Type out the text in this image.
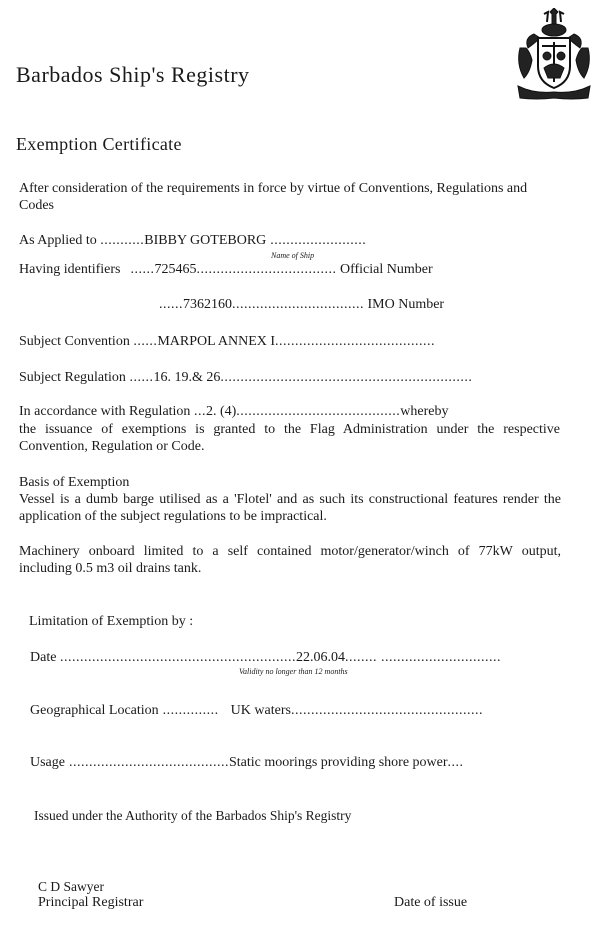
Barbados Ship's Registry
Exemption Certificate
After consideration of the requirements in force by virtue of Conventions, Regulations and Codes
As Applied to ...........BIBBY GOTEBORG ........................
Name of Ship
Having identifiers ......725465................................... Official Number
......7362160................................. IMO Number
Subject Convention ......MARPOL ANNEX I........................................
Subject Regulation ......16. 19.& 26...............................................................
In accordance with Regulation ...2. (4).........................................whereby
the issuance of exemptions is granted to the Flag Administration under the respective Convention, Regulation or Code.
Basis of Exemption
Vessel is a dumb barge utilised as a 'Flotel' and as such its constructional features render the application of the subject regulations to be impractical.
Machinery onboard limited to a self contained motor/generator/winch of 77kW output, including 0.5 m3 oil drains tank.
Limitation of Exemption by :
Date ...........................................................22.06.04........ ..............................
Validity no longer than 12 months
Geographical Location .............. UK waters................................................
Usage ........................................Static moorings providing shore power....
Issued under the Authority of the Barbados Ship's Registry
C D Sawyer
Principal Registrar	Date of issue
